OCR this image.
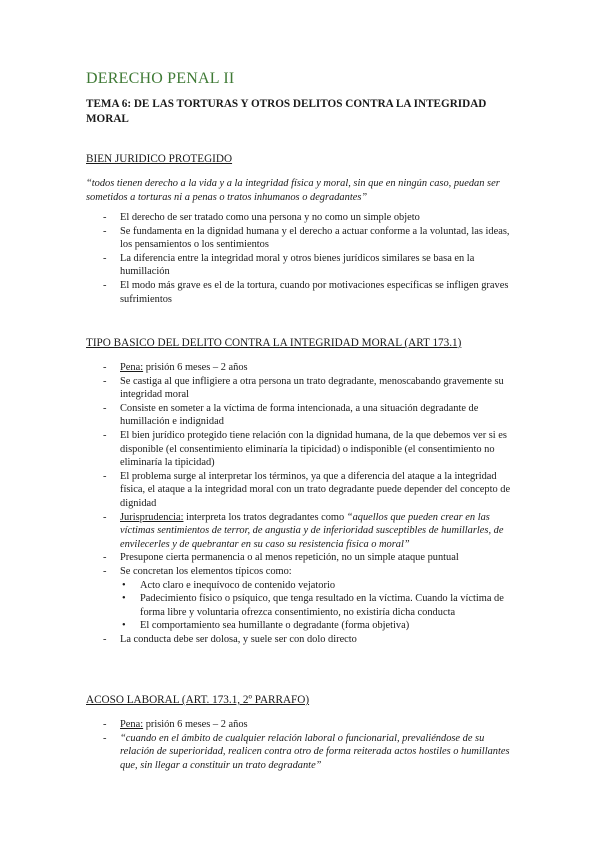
DERECHO PENAL II
TEMA 6: DE LAS TORTURAS Y OTROS DELITOS CONTRA LA INTEGRIDAD MORAL
BIEN JURIDICO PROTEGIDO
“todos tienen derecho a la vida y a la integridad física y moral, sin que en ningún caso, puedan ser sometidos a torturas ni a penas o tratos inhumanos o degradantes”
- El derecho de ser tratado como una persona y no como un simple objeto
- Se fundamenta en la dignidad humana y el derecho a actuar conforme a la voluntad, las ideas, los pensamientos o los sentimientos
- La diferencia entre la integridad moral y otros bienes jurídicos similares se basa en la humillación
- El modo más grave es el de la tortura, cuando por motivaciones específicas se infligen graves sufrimientos
TIPO BASICO DEL DELITO CONTRA LA INTEGRIDAD MORAL (ART 173.1)
- Pena: prisión 6 meses – 2 años
- Se castiga al que infligiere a otra persona un trato degradante, menoscabando gravemente su integridad moral
- Consiste en someter a la víctima de forma intencionada, a una situación degradante de humillación e indignidad
- El bien jurídico protegido tiene relación con la dignidad humana, de la que debemos ver si es disponible (el consentimiento eliminaría la tipicidad) o indisponible (el consentimiento no eliminaría la tipicidad)
- El problema surge al interpretar los términos, ya que a diferencia del ataque a la integridad física, el ataque a la integridad moral con un trato degradante puede depender del concepto de dignidad
- Jurisprudencia: interpreta los tratos degradantes como “aquellos que pueden crear en las víctimas sentimientos de terror, de angustia y de inferioridad susceptibles de humillarles, de envilecerles y de quebrantar en su caso su resistencia física o moral”
- Presupone cierta permanencia o al menos repetición, no un simple ataque puntual
- Se concretan los elementos típicos como:
• Acto claro e inequívoco de contenido vejatorio
• Padecimiento físico o psíquico, que tenga resultado en la víctima. Cuando la víctima de forma libre y voluntaria ofrezca consentimiento, no existiría dicha conducta
• El comportamiento sea humillante o degradante (forma objetiva)
- La conducta debe ser dolosa, y suele ser con dolo directo
ACOSO LABORAL (ART. 173.1, 2º PARRAFO)
- Pena: prisión 6 meses – 2 años
- “cuando en el ámbito de cualquier relación laboral o funcionarial, prevaliéndose de su relación de superioridad, realicen contra otro de forma reiterada actos hostiles o humillantes que, sin llegar a constituir un trato degradante”
